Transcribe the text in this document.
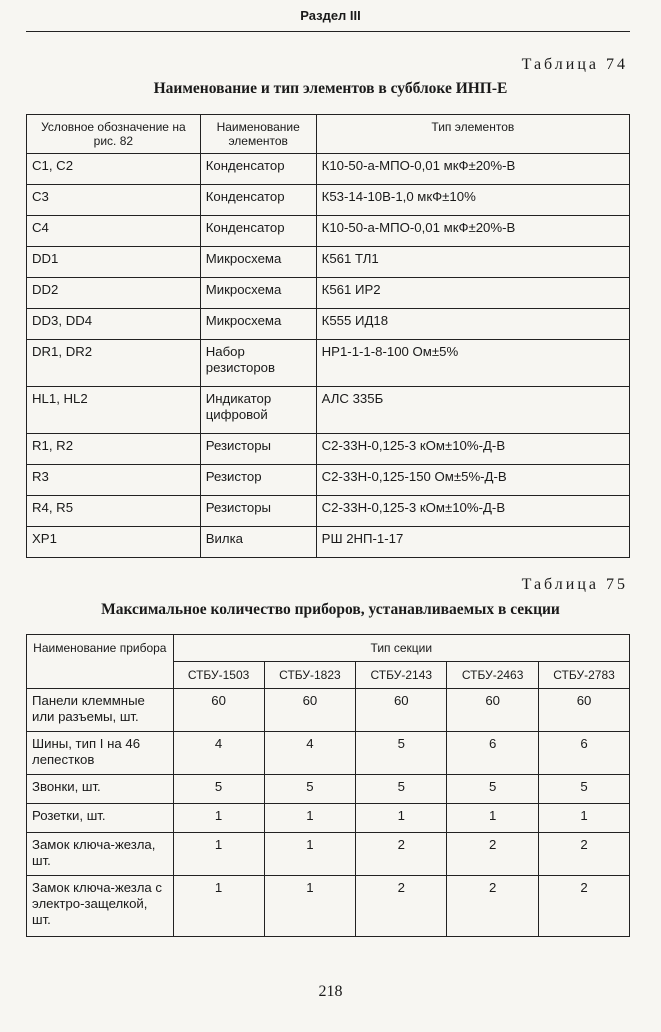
Раздел III
Таблица 74
Наименование и тип элементов в субблоке ИНП-Е
Условное обозначение на рис. 82	Наименование элементов	Тип элементов
С1, С2	Конденсатор	К10-50-а-МПО-0,01 мкФ±20%-В
С3	Конденсатор	К53-14-10В-1,0 мкФ±10%
С4	Конденсатор	К10-50-а-МПО-0,01 мкФ±20%-В
DD1	Микросхема	К561 ТЛ1
DD2	Микросхема	К561 ИР2
DD3, DD4	Микросхема	К555 ИД18
DR1, DR2	Набор резисторов	НР1-1-1-8-100 Ом±5%
HL1, HL2	Индикатор цифровой	АЛС 335Б
R1, R2	Резисторы	С2-33Н-0,125-3 кОм±10%-Д-В
R3	Резистор	С2-33Н-0,125-150 Ом±5%-Д-В
R4, R5	Резисторы	С2-33Н-0,125-3 кОм±10%-Д-В
ХР1	Вилка	РШ 2НП-1-17
Таблица 75
Максимальное количество приборов, устанавливаемых в секции
Наименование прибора	Тип секции				
	СТБУ-1503	СТБУ-1823	СТБУ-2143	СТБУ-2463	СТБУ-2783
Панели клеммные или разъемы, шт.	60	60	60	60	60
Шины, тип I на 46 лепестков	4	4	5	6	6
Звонки, шт.	5	5	5	5	5
Розетки, шт.	1	1	1	1	1
Замок ключа-жезла, шт.	1	1	2	2	2
Замок ключа-жезла с электро-защелкой, шт.	1	1	2	2	2
218
